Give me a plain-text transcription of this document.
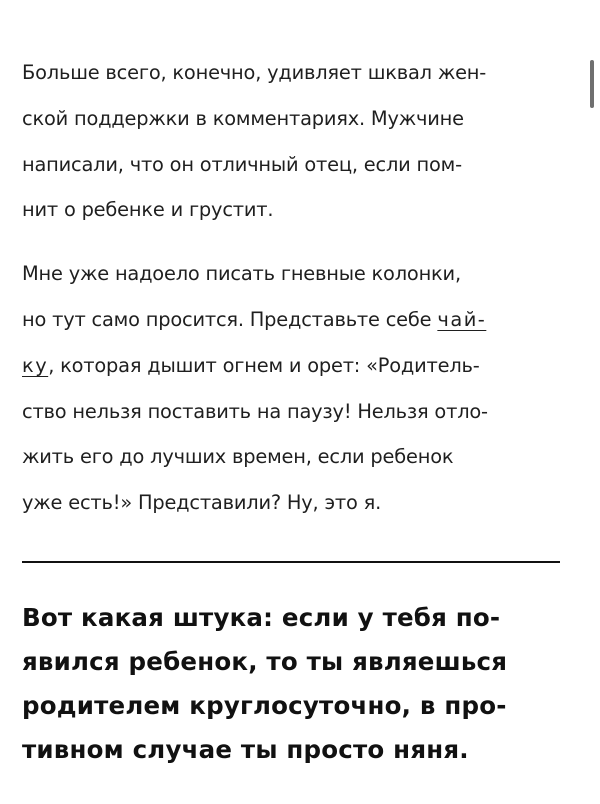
Больше всего, конечно, удивляет шквал жен-
ской поддержки в комментариях. Мужчине
написали, что он отличный отец, если пом-
нит о ребенке и грустит.

Мне уже надоело писать гневные колонки,
но тут само просится. Представьте себе чай-
ку, которая дышит огнем и орет: «Родитель-
ство нельзя поставить на паузу! Нельзя отло-
жить его до лучших времен, если ребенок
уже есть!» Представили? Ну, это я.

Вот какая штука: если у тебя по-
явился ребенок, то ты являешься
родителем круглосуточно, в про-
тивном случае ты просто няня.
